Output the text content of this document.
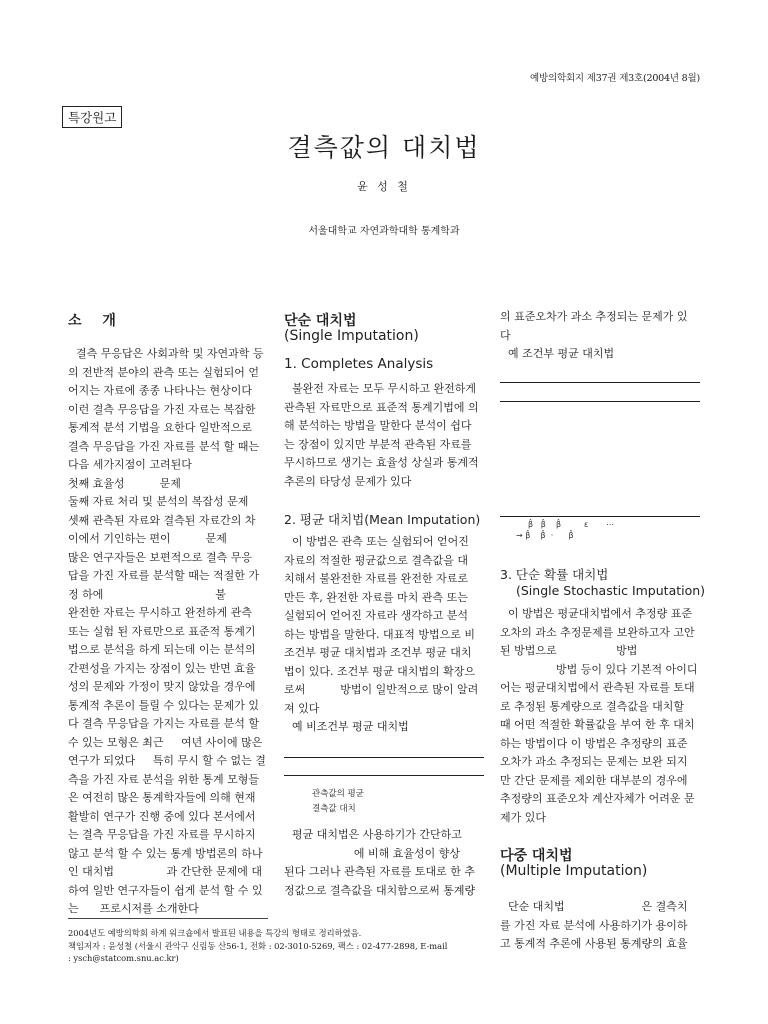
예방의학회지 제37권 제3호(2004년 8월)
특강원고
결측값의 대치법
윤 성 철
서울대학교 자연과학대학 통계학과
소 개

결측 무응답은 사회과학 및 자연과학 등

의 전반적 분야의 관측 또는 실험되어 얻

어지는 자료에 종종 나타나는 현상이다

이런 결측 무응답을 가진 자료는 복잡한

통계적 분석 기법을 요한다 일반적으로

결측 무응답을 가진 자료를 분석 할 때는

다음 세가지점이 고려된다

첫째 효율성          문제

둘째 자료 처리 및 분석의 복잡성 문제

셋째 관측된 자료와 결측된 자료간의 차

이에서 기인하는 편이          문제

많은 연구자들은 보편적으로 결측 무응

답을 가진 자료를 분석할 때는 적절한 가

정 하에                                불

완전한 자료는 무시하고 완전하게 관측

또는 실험 된 자료만으로 표준적 통계기

법으로 분석을 하게 되는데 이는 분석의

간편성을 가지는 장점이 있는 반면 효율

성의 문제와 가정이 맞지 않았을 경우에

통계적 추론이 틀릴 수 있다는 문제가 있

다 결측 무응답을 가지는 자료를 분석 할

수 있는 모형은 최근     여년 사이에 많은

연구가 되었다     특히 무시 할 수 없는 결

측을 가진 자료 분석을 위한 통계 모형들

은 여전히 많은 통계학자들에 의해 현재

활발히 연구가 진행 중에 있다 본서에서

는 결측 무응답을 가진 자료를 무시하지

않고 분석 할 수 있는 통계 방법론의 하나

인 대치법               과 간단한 문제에 대

하여 일반 연구자들이 쉽게 분석 할 수 있

는      프로시저를 소개한다

단순 대치법
(Single Imputation)
1. Completes Analysis

불완전 자료는 모두 무시하고 완전하게

관측된 자료만으로 표준적 통계기법에 의

해 분석하는 방법을 말한다 분석이 쉽다

는 장점이 있지만 부분적 관측된 자료를

무시하므로 생기는 효율성 상실과 통계적

추론의 타당성 문제가 있다

2. 평균 대치법(Mean Imputation)

이 방법은 관측 또는 실험되어 얻어진

자료의 적절한 평균값으로 결측값을 대

치해서 불완전한 자료를 완전한 자료로

만든 후, 완전한 자료를 마치 관측 또는

실험되어 얻어진 자료라 생각하고 분석

하는 방법을 말한다. 대표적 방법으로 비

조건부 평균 대치법과 조건부 평균 대치

법이 있다. 조건부 평균 대치법의 확장으

로써          방법이 일반적으로 많이 알려

져 있다

예 비조건부 평균 대치법
관측값의 평균
결측값 대치

평균 대치법은 사용하기가 간단하고

에 비해 효율성이 향상

된다 그러나 관측된 자료를 토대로 한 추

정값으로 결측값을 대치함으로써 통계량

의 표준오차가 과소 추정되는 문제가 있

다

예 조건부 평균 대치법
β̂   β̂    β̂         ε       ⋯
→ β̂    β̂  ·      β̂
3. 단순 확률 대치법
(Single Stochastic Imputation)

이 방법은 평균대치법에서 추정량 표준

오차의 과소 추정문제를 보완하고자 고안

된 방법으로                 방법

방법 등이 있다 기본적 아이디

어는 평균대치법에서 관측된 자료를 토대

로 추정된 통계량으로 결측값을 대치할

때 어떤 적절한 확률값을 부여 한 후 대치

하는 방법이다 이 방법은 추정량의 표준

오차가 과소 추정되는 문제는 보완 되지

만 간단 문제를 제외한 대부분의 경우에

추정량의 표준오차 계산자체가 어려운 문

제가 있다

다중 대치법
(Multiple Imputation)

단순 대치법                      은 결측치

를 가진 자료 분석에 사용하기가 용이하

고 통계적 추론에 사용된 통계량의 효율

2004년도 예방의학회 하계 워크숍에서 발표된 내용을 특강의 형태로 정리하였음.
책임저자 : 윤성철 (서울시 관악구 신림동 산56-1, 전화 : 02-3010-5269, 팩스 : 02-477-2898, E-mail : ysch@statcom.snu.ac.kr)
